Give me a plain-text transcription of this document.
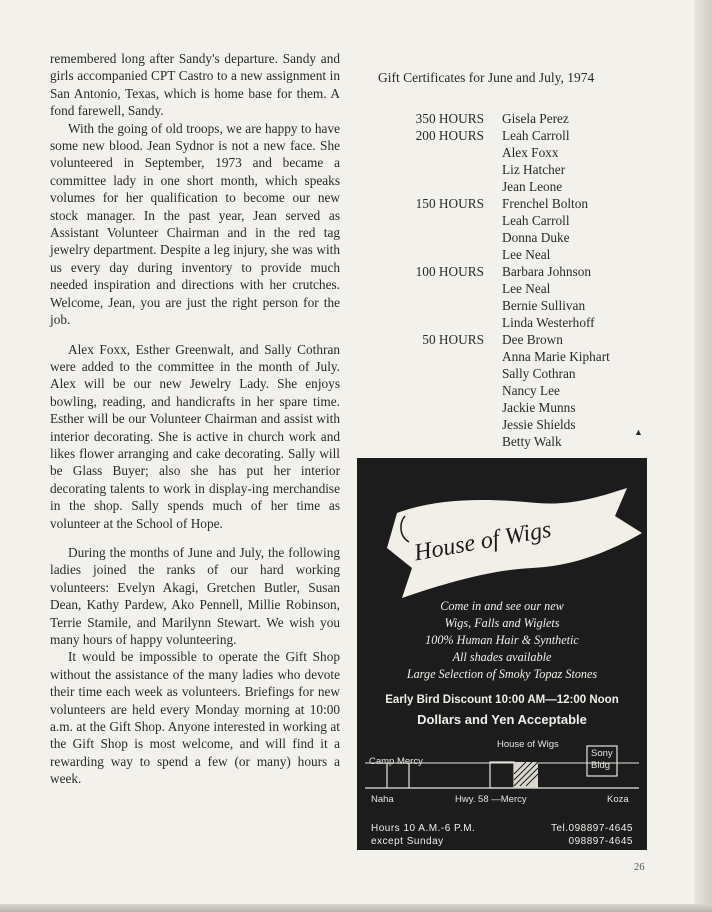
remembered long after Sandy's departure. Sandy and girls accompanied CPT Castro to a new assignment in San Antonio, Texas, which is home base for them. A fond farewell, Sandy.

With the going of old troops, we are happy to have some new blood. Jean Sydnor is not a new face. She volunteered in September, 1973 and became a committee lady in one short month, which speaks volumes for her qualification to become our new stock manager. In the past year, Jean served as Assistant Volunteer Chairman and in the red tag jewelry department. Despite a leg injury, she was with us every day during inventory to provide much needed inspiration and directions with her crutches. Welcome, Jean, you are just the right person for the job.

Alex Foxx, Esther Greenwalt, and Sally Cothran were added to the committee in the month of July. Alex will be our new Jewelry Lady. She enjoys bowling, reading, and handicrafts in her spare time. Esther will be our Volunteer Chairman and assist with interior decorating. She is active in church work and likes flower arranging and cake decorating. Sally will be Glass Buyer; also she has put her interior decorating talents to work in display-ing merchandise in the shop. Sally spends much of her time as volunteer at the School of Hope.

During the months of June and July, the following ladies joined the ranks of our hard working volunteers: Evelyn Akagi, Gretchen Butler, Susan Dean, Kathy Pardew, Ako Pennell, Millie Robinson, Terrie Stamile, and Marilynn Stewart. We wish you many hours of happy volunteering.

It would be impossible to operate the Gift Shop without the assistance of the many ladies who devote their time each week as volunteers. Briefings for new volunteers are held every Monday morning at 10:00 a.m. at the Gift Shop. Anyone interested in working at the Gift Shop is most welcome, and will find it a rewarding way to spend a few (or many) hours a week.

Gift Certificates for June and July, 1974
350 HOURS	Gisela Perez
200 HOURS	Leah Carroll
Alex Foxx
Liz Hatcher
Jean Leone
150 HOURS	Frenchel Bolton
Leah Carroll
Donna Duke
Lee Neal
100 HOURS	Barbara Johnson
Lee Neal
Bernie Sullivan
Linda Westerhoff
50 HOURS	Dee Brown
Anna Marie Kiphart
Sally Cothran
Nancy Lee
Jackie Munns
Jessie Shields
Betty Walk
▲
House of Wigs
Come in and see our new
Wigs, Falls and Wiglets
100% Human Hair & Synthetic
All shades available
Large Selection of Smoky Topaz Stones
Early Bird Discount 10:00 AM—12:00 Noon
Dollars and Yen Acceptable
House of Wigs
Camp Mercy
Sony
Bldg
Naha	Hwy. 58 —Mercy	Koza
Hours 10 A.M.-6 P.M.
except Sunday
Tel.098897-4645
098897-4645
26
